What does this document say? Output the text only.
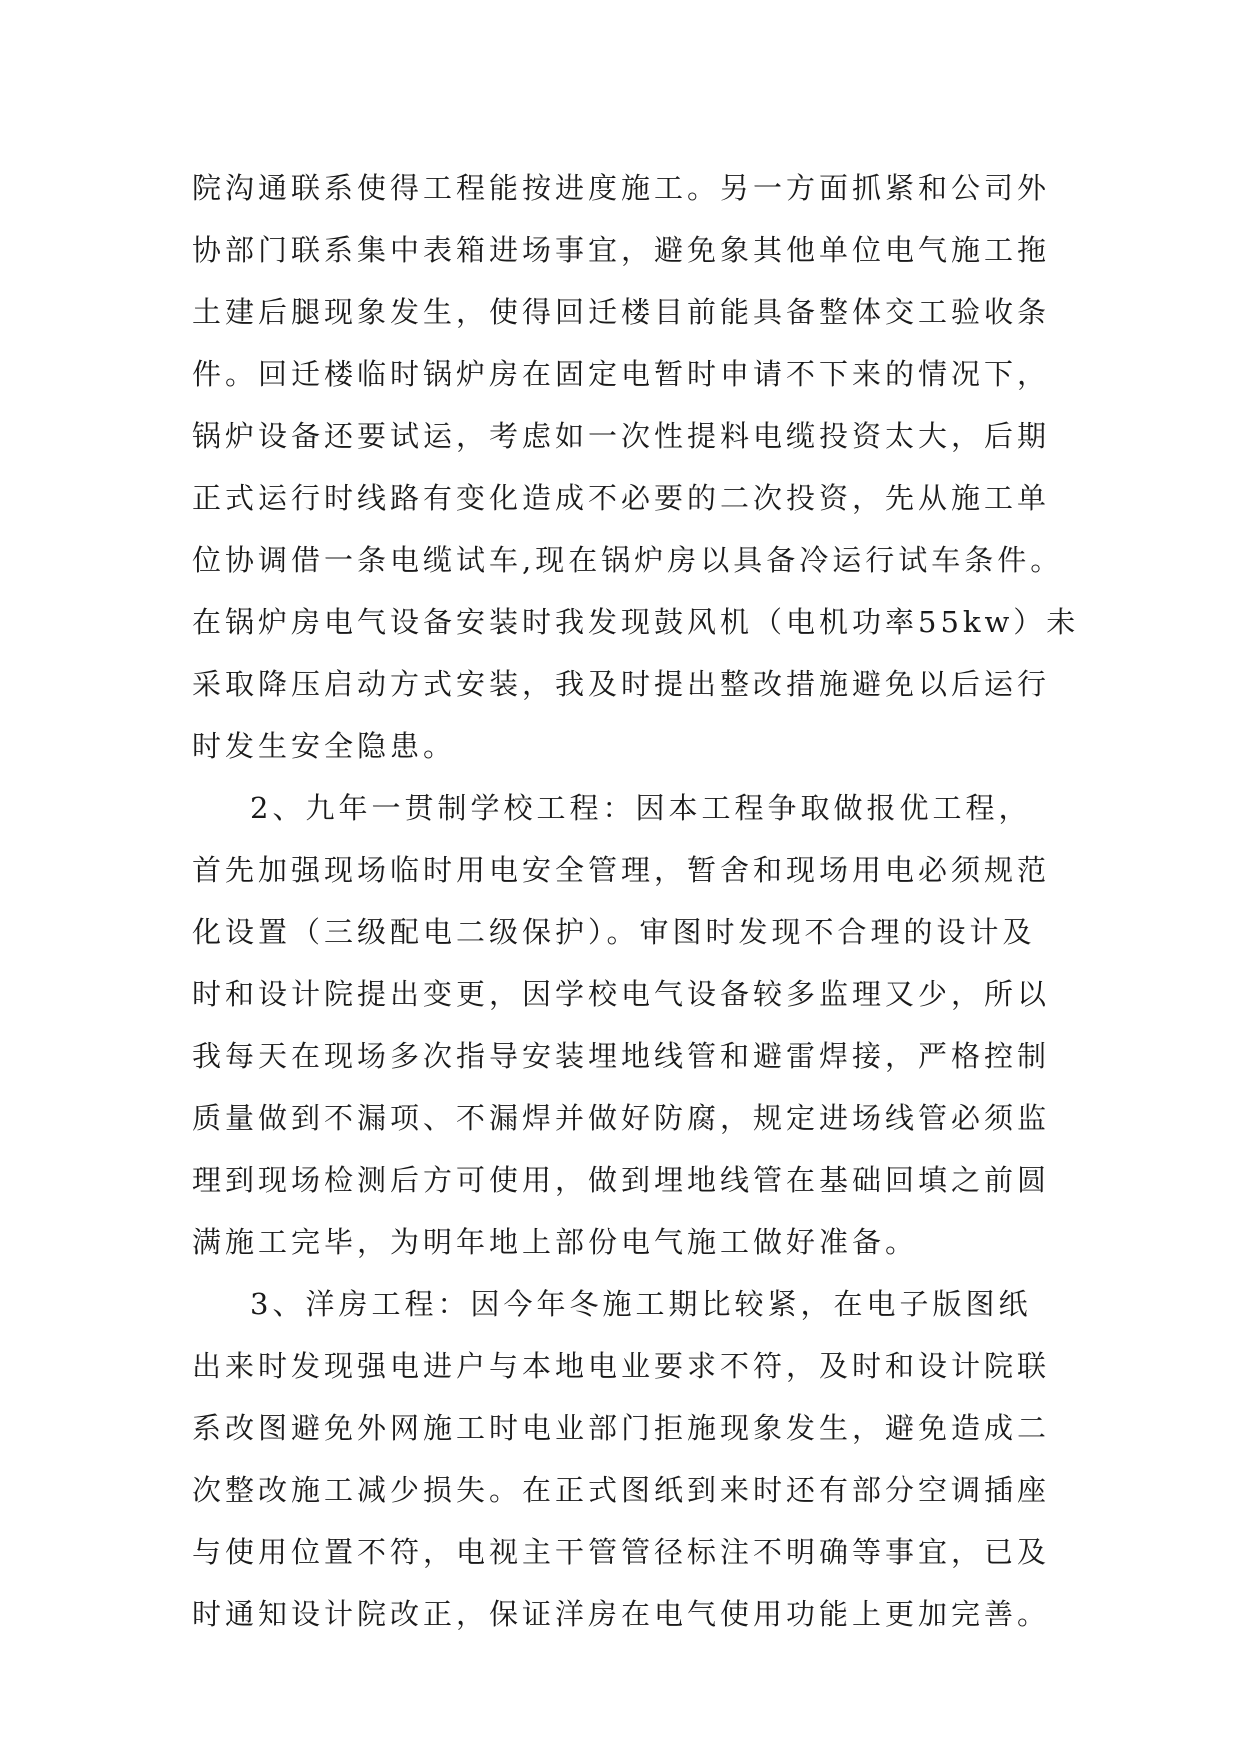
院沟通联系使得工程能按进度施工。另一方面抓紧和公司外
协部门联系集中表箱进场事宜，避免象其他单位电气施工拖
土建后腿现象发生，使得回迁楼目前能具备整体交工验收条
件。回迁楼临时锅炉房在固定电暂时申请不下来的情况下，
锅炉设备还要试运，考虑如一次性提料电缆投资太大，后期
正式运行时线路有变化造成不必要的二次投资，先从施工单
位协调借一条电缆试车,现在锅炉房以具备冷运行试车条件。
在锅炉房电气设备安装时我发现鼓风机（电机功率55kw）未
采取降压启动方式安装，我及时提出整改措施避免以后运行
时发生安全隐患。
2、九年一贯制学校工程：因本工程争取做报优工程，
首先加强现场临时用电安全管理，暂舍和现场用电必须规范
化设置（三级配电二级保护）。审图时发现不合理的设计及
时和设计院提出变更，因学校电气设备较多监理又少，所以
我每天在现场多次指导安装埋地线管和避雷焊接，严格控制
质量做到不漏项、不漏焊并做好防腐，规定进场线管必须监
理到现场检测后方可使用，做到埋地线管在基础回填之前圆
满施工完毕，为明年地上部份电气施工做好准备。
3、洋房工程：因今年冬施工期比较紧，在电子版图纸
出来时发现强电进户与本地电业要求不符，及时和设计院联
系改图避免外网施工时电业部门拒施现象发生，避免造成二
次整改施工减少损失。在正式图纸到来时还有部分空调插座
与使用位置不符，电视主干管管径标注不明确等事宜，已及
时通知设计院改正，保证洋房在电气使用功能上更加完善。
